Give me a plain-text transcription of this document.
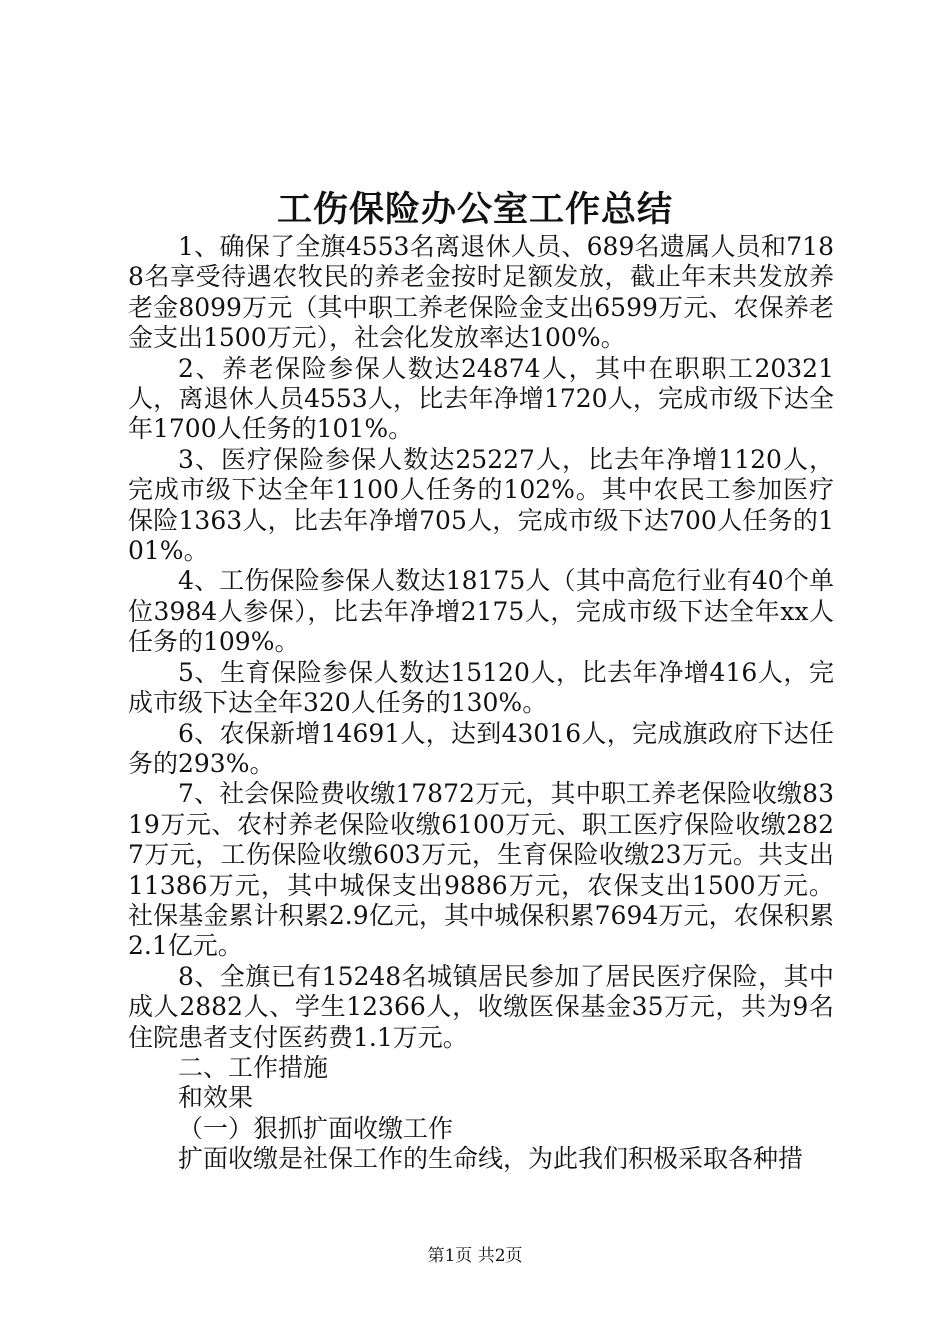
工伤保险办公室工作总结

1、确保了全旗4553名离退休人员、689名遗属人员和7188名享受待遇农牧民的养老金按时足额发放，截止年末共发放养老金8099万元（其中职工养老保险金支出6599万元、农保养老金支出1500万元），社会化发放率达100%。

2、养老保险参保人数达24874人，其中在职职工20321人，离退休人员4553人，比去年净增1720人，完成市级下达全年1700人任务的101%。

3、医疗保险参保人数达25227人，比去年净增1120人，完成市级下达全年1100人任务的102%。其中农民工参加医疗保险1363人，比去年净增705人，完成市级下达700人任务的101%。

4、工伤保险参保人数达18175人（其中高危行业有40个单位3984人参保），比去年净增2175人，完成市级下达全年xx人任务的109%。

5、生育保险参保人数达15120人，比去年净增416人，完成市级下达全年320人任务的130%。

6、农保新增14691人，达到43016人，完成旗政府下达任务的293%。

7、社会保险费收缴17872万元，其中职工养老保险收缴8319万元、农村养老保险收缴6100万元、职工医疗保险收缴2827万元，工伤保险收缴603万元，生育保险收缴23万元。共支出11386万元，其中城保支出9886万元，农保支出1500万元。社保基金累计积累2.9亿元，其中城保积累7694万元，农保积累2.1亿元。

8、全旗已有15248名城镇居民参加了居民医疗保险，其中成人2882人、学生12366人，收缴医保基金35万元，共为9名住院患者支付医药费1.1万元。

二、工作措施

和效果

（一）狠抓扩面收缴工作

扩面收缴是社保工作的生命线，为此我们积极采取各种措

第1页 共2页
